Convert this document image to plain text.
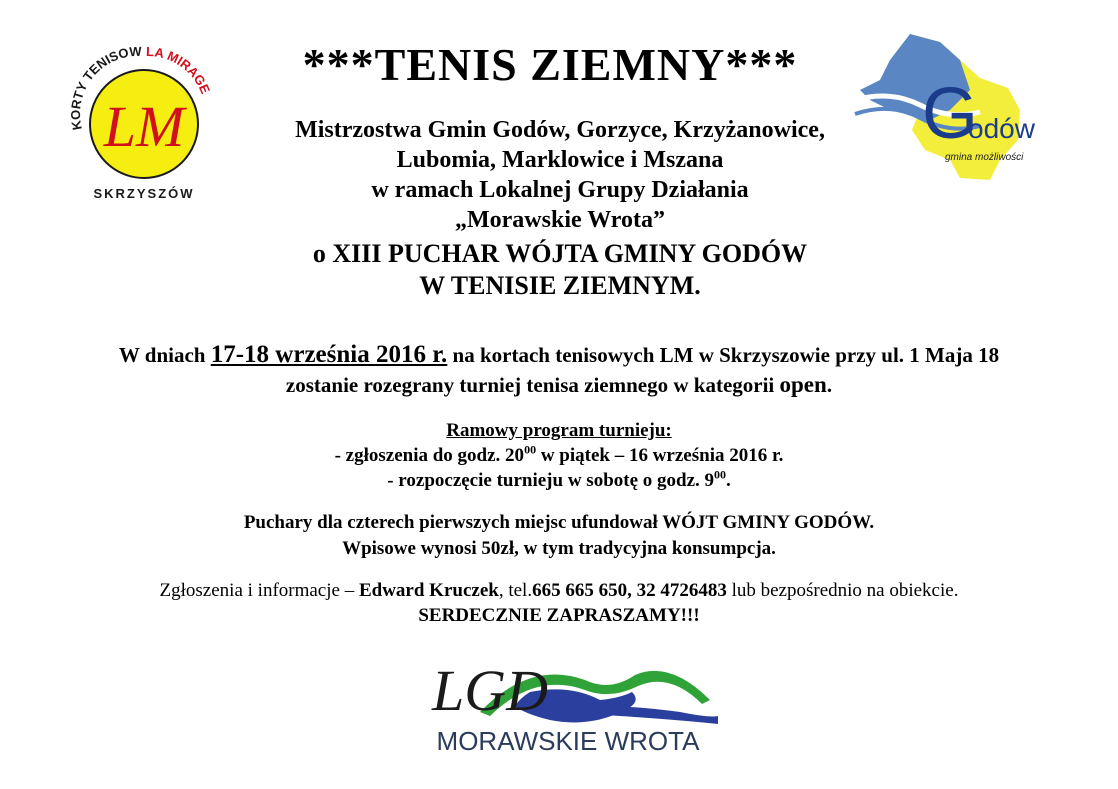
KORTY TENISOW LA MIRAGE
LM
SKRZYSZÓW
G
odów
gmina możliwości
***TENIS ZIEMNY***
Mistrzostwa Gmin Godów, Gorzyce, Krzyżanowice,
Lubomia, Marklowice i Mszana
w ramach Lokalnej Grupy Działania
„Morawskie Wrota”
o XIII PUCHAR WÓJTA GMINY GODÓW
W TENISIE ZIEMNYM.
W dniach 17-18 września 2016 r. na kortach tenisowych LM w Skrzyszowie przy ul. 1 Maja 18
zostanie rozegrany turniej tenisa ziemnego w kategorii open.
Ramowy program turnieju:
- zgłoszenia do godz. $20^{00}$ w piątek – 16 września 2016 r.
- rozpoczęcie turnieju w sobotę o godz. $9^{00}$.
Puchary dla czterech pierwszych miejsc ufundował WÓJT GMINY GODÓW.
Wpisowe wynosi 50zł, w tym tradycyjna konsumpcja.
Zgłoszenia i informacje – Edward Kruczek, tel.665 665 650, 32 4726483 lub bezpośrednio na obiekcie.
SERDECZNIE ZAPRASZAMY!!!
LGD
MORAWSKIE WROTA
